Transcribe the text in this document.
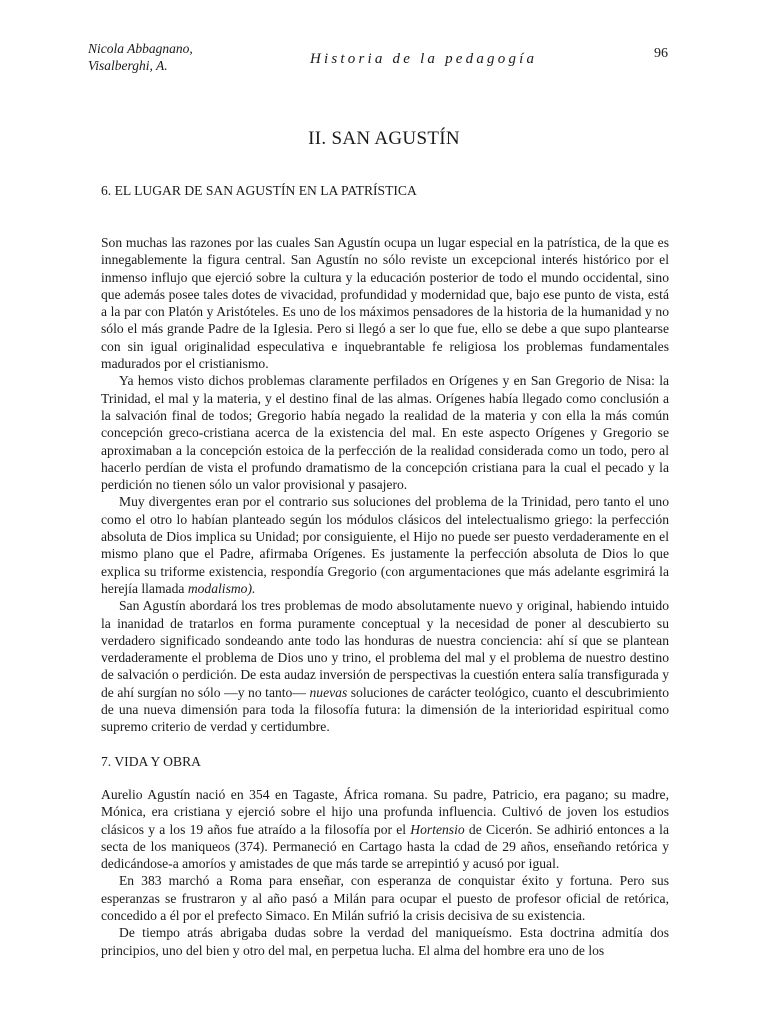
Nicola Abbagnano,
Visalberghi, A.	Historia de la pedagogía	96
II. SAN AGUSTÍN
6. EL LUGAR DE SAN AGUSTÍN EN LA PATRÍSTICA

Son muchas las razones por las cuales San Agustín ocupa un lugar especial en la patrística, de la que es innegablemente la figura central. San Agustín no sólo reviste un excepcional interés histórico por el inmenso influjo que ejerció sobre la cultura y la educación posterior de todo el mundo occidental, sino que además posee tales dotes de vivacidad, profundidad y modernidad que, bajo ese punto de vista, está a la par con Platón y Aristóteles. Es uno de los máximos pensadores de la historia de la humanidad y no sólo el más grande Padre de la Iglesia. Pero si llegó a ser lo que fue, ello se debe a que supo plantearse con sin igual originalidad especulativa e inquebrantable fe religiosa los problemas fundamentales madurados por el cristianismo.

Ya hemos visto dichos problemas claramente perfilados en Orígenes y en San Gregorio de Nisa: la Trinidad, el mal y la materia, y el destino final de las almas. Orígenes había llegado como conclusión a la salvación final de todos; Gregorio había negado la realidad de la materia y con ella la más común concepción greco-cristiana acerca de la existencia del mal. En este aspecto Orígenes y Gregorio se aproximaban a la concepción estoica de la perfección de la realidad considerada como un todo, pero al hacerlo perdían de vista el profundo dramatismo de la concepción cristiana para la cual el pecado y la perdición no tienen sólo un valor provisional y pasajero.

Muy divergentes eran por el contrario sus soluciones del problema de la Trinidad, pero tanto el uno como el otro lo habían planteado según los módulos clásicos del intelectualismo griego: la perfección absoluta de Dios implica su Unidad; por consiguiente, el Hijo no puede ser puesto verdaderamente en el mismo plano que el Padre, afirmaba Orígenes. Es justamente la perfección absoluta de Dios lo que explica su triforme existencia, respondía Gregorio (con argumentaciones que más adelante esgrimirá la herejía llamada modalismo).

San Agustín abordará los tres problemas de modo absolutamente nuevo y original, habiendo intuido la inanidad de tratarlos en forma puramente conceptual y la necesidad de poner al descubierto su verdadero significado sondeando ante todo las honduras de nuestra conciencia: ahí sí que se plantean verdaderamente el problema de Dios uno y trino, el problema del mal y el problema de nuestro destino de salvación o perdición. De esta audaz inversión de perspectivas la cuestión entera salía transfigurada y de ahí surgían no sólo —y no tanto— nuevas soluciones de carácter teológico, cuanto el descubrimiento de una nueva dimensión para toda la filosofía futura: la dimensión de la interioridad espiritual como supremo criterio de verdad y certidumbre.

7. VIDA Y OBRA

Aurelio Agustín nació en 354 en Tagaste, África romana. Su padre, Patricio, era pagano; su madre, Mónica, era cristiana y ejerció sobre el hijo una profunda influencia. Cultivó de joven los estudios clásicos y a los 19 años fue atraído a la filosofía por el Hortensio de Cicerón. Se adhirió entonces a la secta de los maniqueos (374). Permaneció en Cartago hasta la cdad de 29 años, enseñando retórica y dedicándose-a amoríos y amistades de que más tarde se arrepintió y acusó por igual.

En 383 marchó a Roma para enseñar, con esperanza de conquistar éxito y fortuna. Pero sus esperanzas se frustraron y al año pasó a Milán para ocupar el puesto de profesor oficial de retórica, concedido a él por el prefecto Simaco. En Milán sufrió la crisis decisiva de su existencia.

De tiempo atrás abrigaba dudas sobre la verdad del maniqueísmo. Esta doctrina admitía dos principios, uno del bien y otro del mal, en perpetua lucha. El alma del hombre era uno de los
